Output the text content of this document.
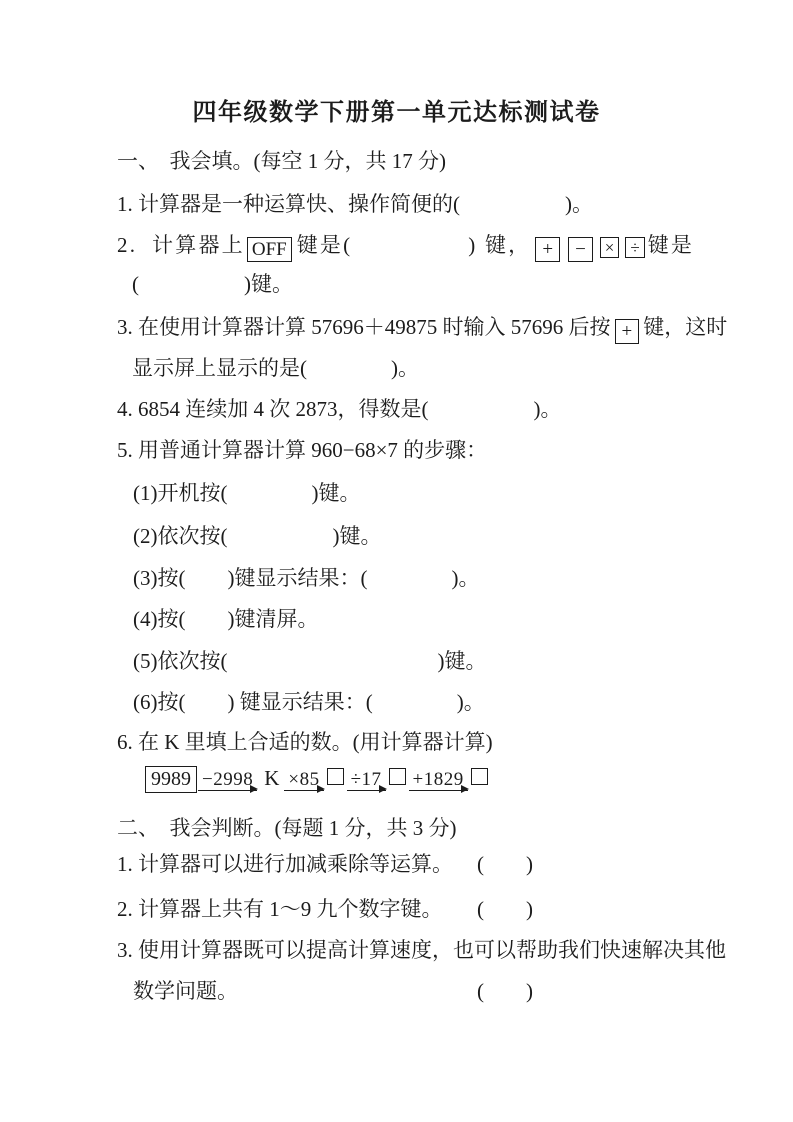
四年级数学下册第一单元达标测试卷
一、　我会填。(每空 1 分，共 17 分)
1. 计算器是一种运算快、操作简便的(　　　　　)。
2.  计算器上 OFF 键是(　　　　　) 键， + − × ÷ 键是
(　　　　　)键。
3. 在使用计算器计算 57696＋49875 时输入 57696 后按 + 键，这时
显示屏上显示的是(　　　　)。
4. 6854 连续加 4 次 2873，得数是(　　　　　)。
5. 用普通计算器计算 960−68×7 的步骤：
(1)开机按(　　　　)键。
(2)依次按(　　　　　)键。
(3)按(　　)键显示结果：(　　　　)。
(4)按(　　)键清屏。
(5)依次按(　　　　　　　　　　)键。
(6)按(　　) 键显示结果：(　　　　)。
6. 在 K 里填上合适的数。(用计算器计算)
9989 −2998 K ×85 ÷17 +1829
二、　我会判断。(每题 1 分，共 3 分)
1. 计算器可以进行加减乘除等运算。 (　　)
2. 计算器上共有 1～9 九个数字键。 (　　)
3. 使用计算器既可以提高计算速度，也可以帮助我们快速解决其他
数学问题。	(　　)
